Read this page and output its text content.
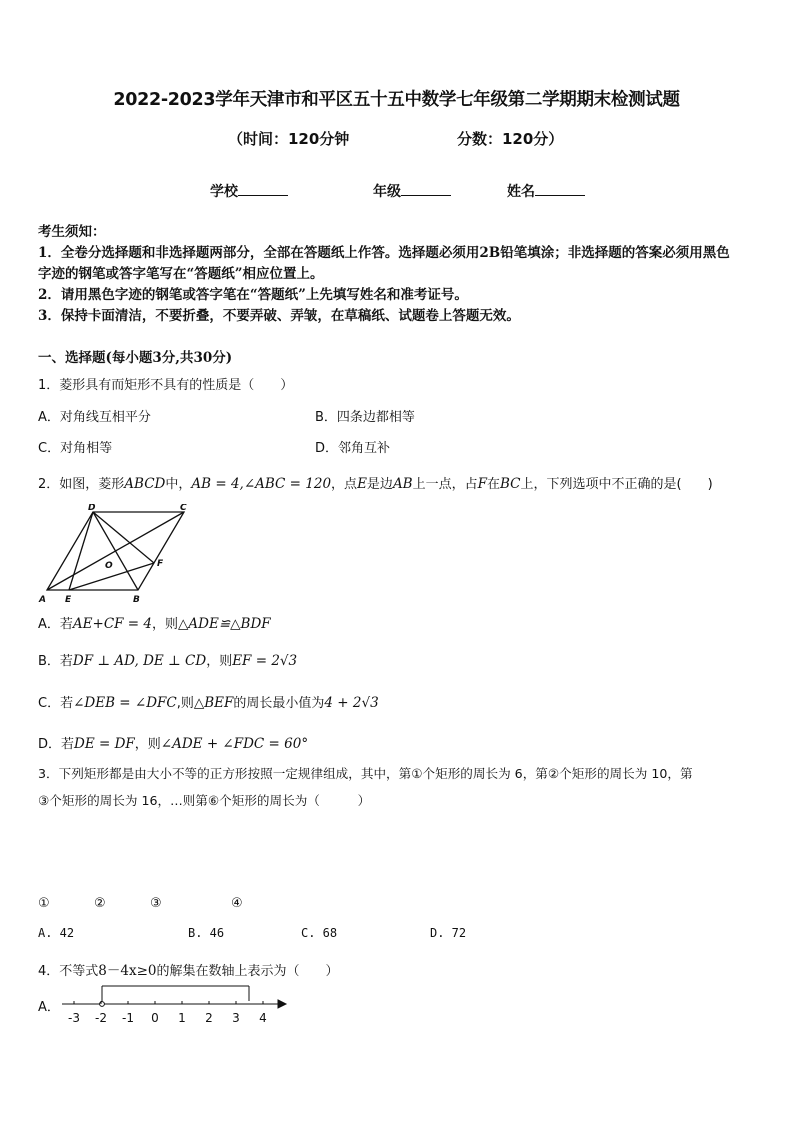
2022-2023学年天津市和平区五十五中数学七年级第二学期期末检测试题
（时间：120分钟	分数：120分）
学校	年级	姓名
考生须知：
1．全卷分选择题和非选择题两部分，全部在答题纸上作答。选择题必须用2B铅笔填涂；非选择题的答案必须用黑色
字迹的钢笔或答字笔写在“答题纸”相应位置上。
2．请用黑色字迹的钢笔或答字笔在“答题纸”上先填写姓名和准考证号。
3．保持卡面清洁，不要折叠，不要弄破、弄皱，在草稿纸、试题卷上答题无效。
一、选择题(每小题3分,共30分)
1．菱形具有而矩形不具有的性质是（　　）
A．对角线互相平分	B．四条边都相等
C．对角相等	D．邻角互补
2．如图，菱形ABCD中，AB = 4,∠ABC = 120，点E是边AB上一点，占F在BC上，下列选项中不正确的是(　　)
D	C
O	F
A E	B
A．若AE+CF = 4，则△ADE≌△BDF
B．若DF ⊥ AD, DE ⊥ CD，则EF = 2√3
C．若∠DEB = ∠DFC,则△BEF的周长最小值为4 + 2√3
D．若DE = DF，则∠ADE + ∠FDC = 60°
3．下列矩形都是由大小不等的正方形按照一定规律组成，其中，第①个矩形的周长为 6，第②个矩形的周长为 10，第
③个矩形的周长为 16，…则第⑥个矩形的周长为（　　　）
①	②	③	④
A. 42	B. 46	C. 68	D. 72
4．不等式8－4x≥0的解集在数轴上表示为（　　）
A．
-3 -2 -1 0 1 2 3 4
